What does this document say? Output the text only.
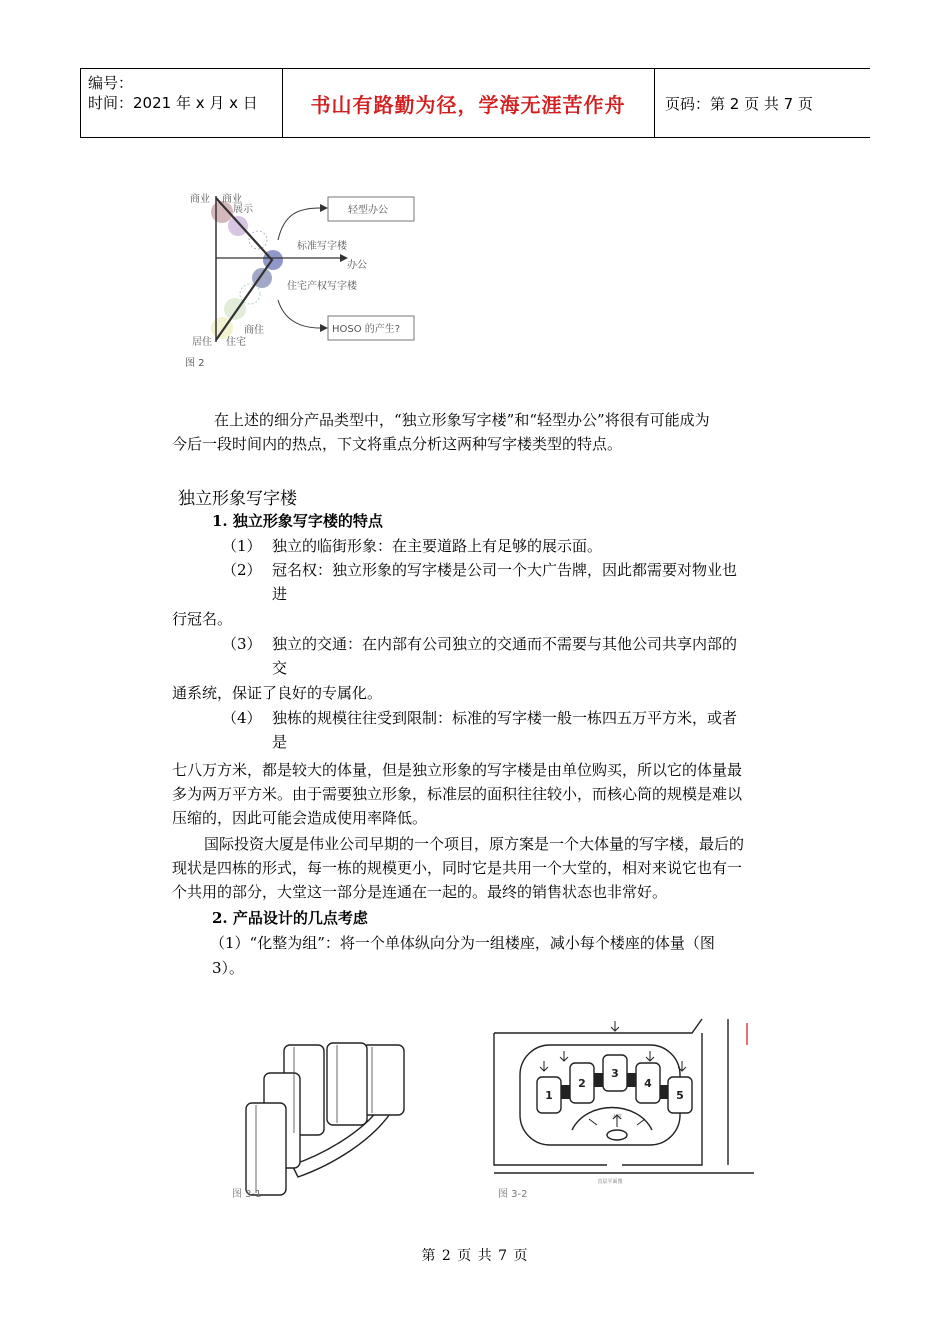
编号：
时间：2021 年 x 月 x 日	书山有路勤为径，学海无涯苦作舟	页码：第 2 页 共 7 页
商业 商业
展示	轻型办公
标准写字楼
办公
住宅产权写字楼
HOSO 的产生?
商住
居住 住宅
图 2
在上述的细分产品类型中，“独立形象写字楼”和“轻型办公”将很有可能成为
今后一段时间内的热点，下文将重点分析这两种写字楼类型的特点。
独立形象写字楼
1. 独立形象写字楼的特点
（1） 独立的临街形象：在主要道路上有足够的展示面。
（2） 冠名权：独立形象的写字楼是公司一个大广告牌，因此都需要对物业也
进
行冠名。
（3） 独立的交通：在内部有公司独立的交通而不需要与其他公司共享内部的
交
通系统，保证了良好的专属化。
（4） 独栋的规模往往受到限制：标准的写字楼一般一栋四五万平方米，或者
是
七八万方米，都是较大的体量，但是独立形象的写字楼是由单位购买，所以它的体量最
多为两万平方米。由于需要独立形象，标准层的面积往往较小，而核心筒的规模是难以
压缩的，因此可能会造成使用率降低。
国际投资大厦是伟业公司早期的一个项目，原方案是一个大体量的写字楼，最后的
现状是四栋的形式，每一栋的规模更小，同时它是共用一个大堂的，相对来说它也有一
个共用的部分，大堂这一部分是连通在一起的。最终的销售状态也非常好。
2. 产品设计的几点考虑
（1）“化整为组”：将一个单体纵向分为一组楼座，减小每个楼座的体量（图
3）。
图 3-1
1
2
3
4
5
大堂
首层平面图
图 3-2
第 2 页 共 7 页
